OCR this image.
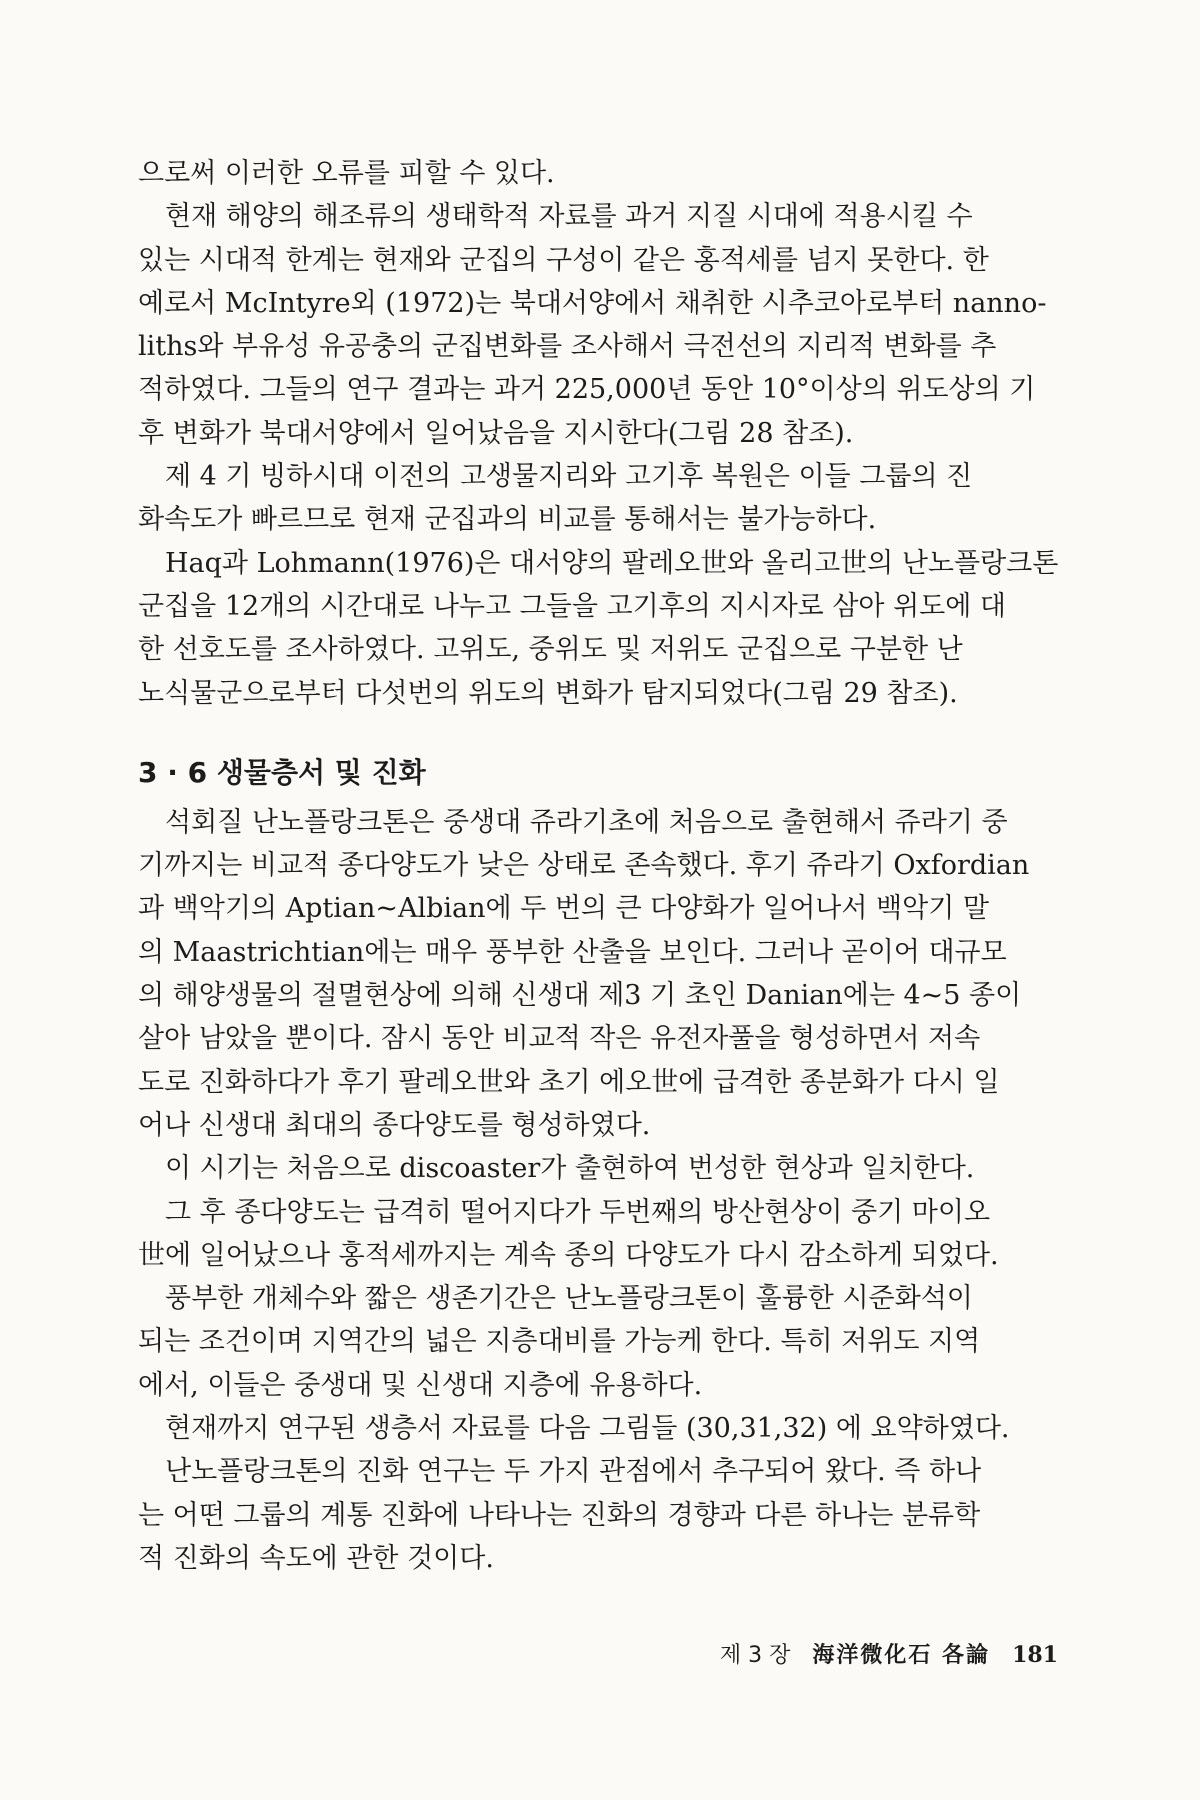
으로써 이러한 오류를 피할 수 있다.
현재 해양의 해조류의 생태학적 자료를 과거 지질 시대에 적용시킬 수
있는 시대적 한계는 현재와 군집의 구성이 같은 홍적세를 넘지 못한다. 한
예로서 McIntyre외 (1972)는 북대서양에서 채취한 시추코아로부터 nanno-
liths와 부유성 유공충의 군집변화를 조사해서 극전선의 지리적 변화를 추
적하였다. 그들의 연구 결과는 과거 225,000년 동안 10°이상의 위도상의 기
후 변화가 북대서양에서 일어났음을 지시한다(그림 28 참조).
제 4 기 빙하시대 이전의 고생물지리와 고기후 복원은 이들 그룹의 진
화속도가 빠르므로 현재 군집과의 비교를 통해서는 불가능하다.
Haq과 Lohmann(1976)은 대서양의 팔레오世와 올리고世의 난노플랑크톤
군집을 12개의 시간대로 나누고 그들을 고기후의 지시자로 삼아 위도에 대
한 선호도를 조사하였다. 고위도, 중위도 및 저위도 군집으로 구분한 난
노식물군으로부터 다섯번의 위도의 변화가 탐지되었다(그림 29 참조).
3 · 6 생물층서 및 진화
석회질 난노플랑크톤은 중생대 쥬라기초에 처음으로 출현해서 쥬라기 중
기까지는 비교적 종다양도가 낮은 상태로 존속했다. 후기 쥬라기 Oxfordian
과 백악기의 Aptian~Albian에 두 번의 큰 다양화가 일어나서 백악기 말
의 Maastrichtian에는 매우 풍부한 산출을 보인다. 그러나 곧이어 대규모
의 해양생물의 절멸현상에 의해 신생대 제3 기 초인 Danian에는 4~5 종이
살아 남았을 뿐이다. 잠시 동안 비교적 작은 유전자풀을 형성하면서 저속
도로 진화하다가 후기 팔레오世와 초기 에오世에 급격한 종분화가 다시 일
어나 신생대 최대의 종다양도를 형성하였다.
이 시기는 처음으로 discoaster가 출현하여 번성한 현상과 일치한다.
그 후 종다양도는 급격히 떨어지다가 두번째의 방산현상이 중기 마이오
世에 일어났으나 홍적세까지는 계속 종의 다양도가 다시 감소하게 되었다.
풍부한 개체수와 짧은 생존기간은 난노플랑크톤이 훌륭한 시준화석이
되는 조건이며 지역간의 넓은 지층대비를 가능케 한다. 특히 저위도 지역
에서, 이들은 중생대 및 신생대 지층에 유용하다.
현재까지 연구된 생층서 자료를 다음 그림들 (30,31,32) 에 요약하였다.
난노플랑크톤의 진화 연구는 두 가지 관점에서 추구되어 왔다. 즉 하나
는 어떤 그룹의 계통 진화에 나타나는 진화의 경향과 다른 하나는 분류학
적 진화의 속도에 관한 것이다.
제 3 장 海洋微化石 各論 181
